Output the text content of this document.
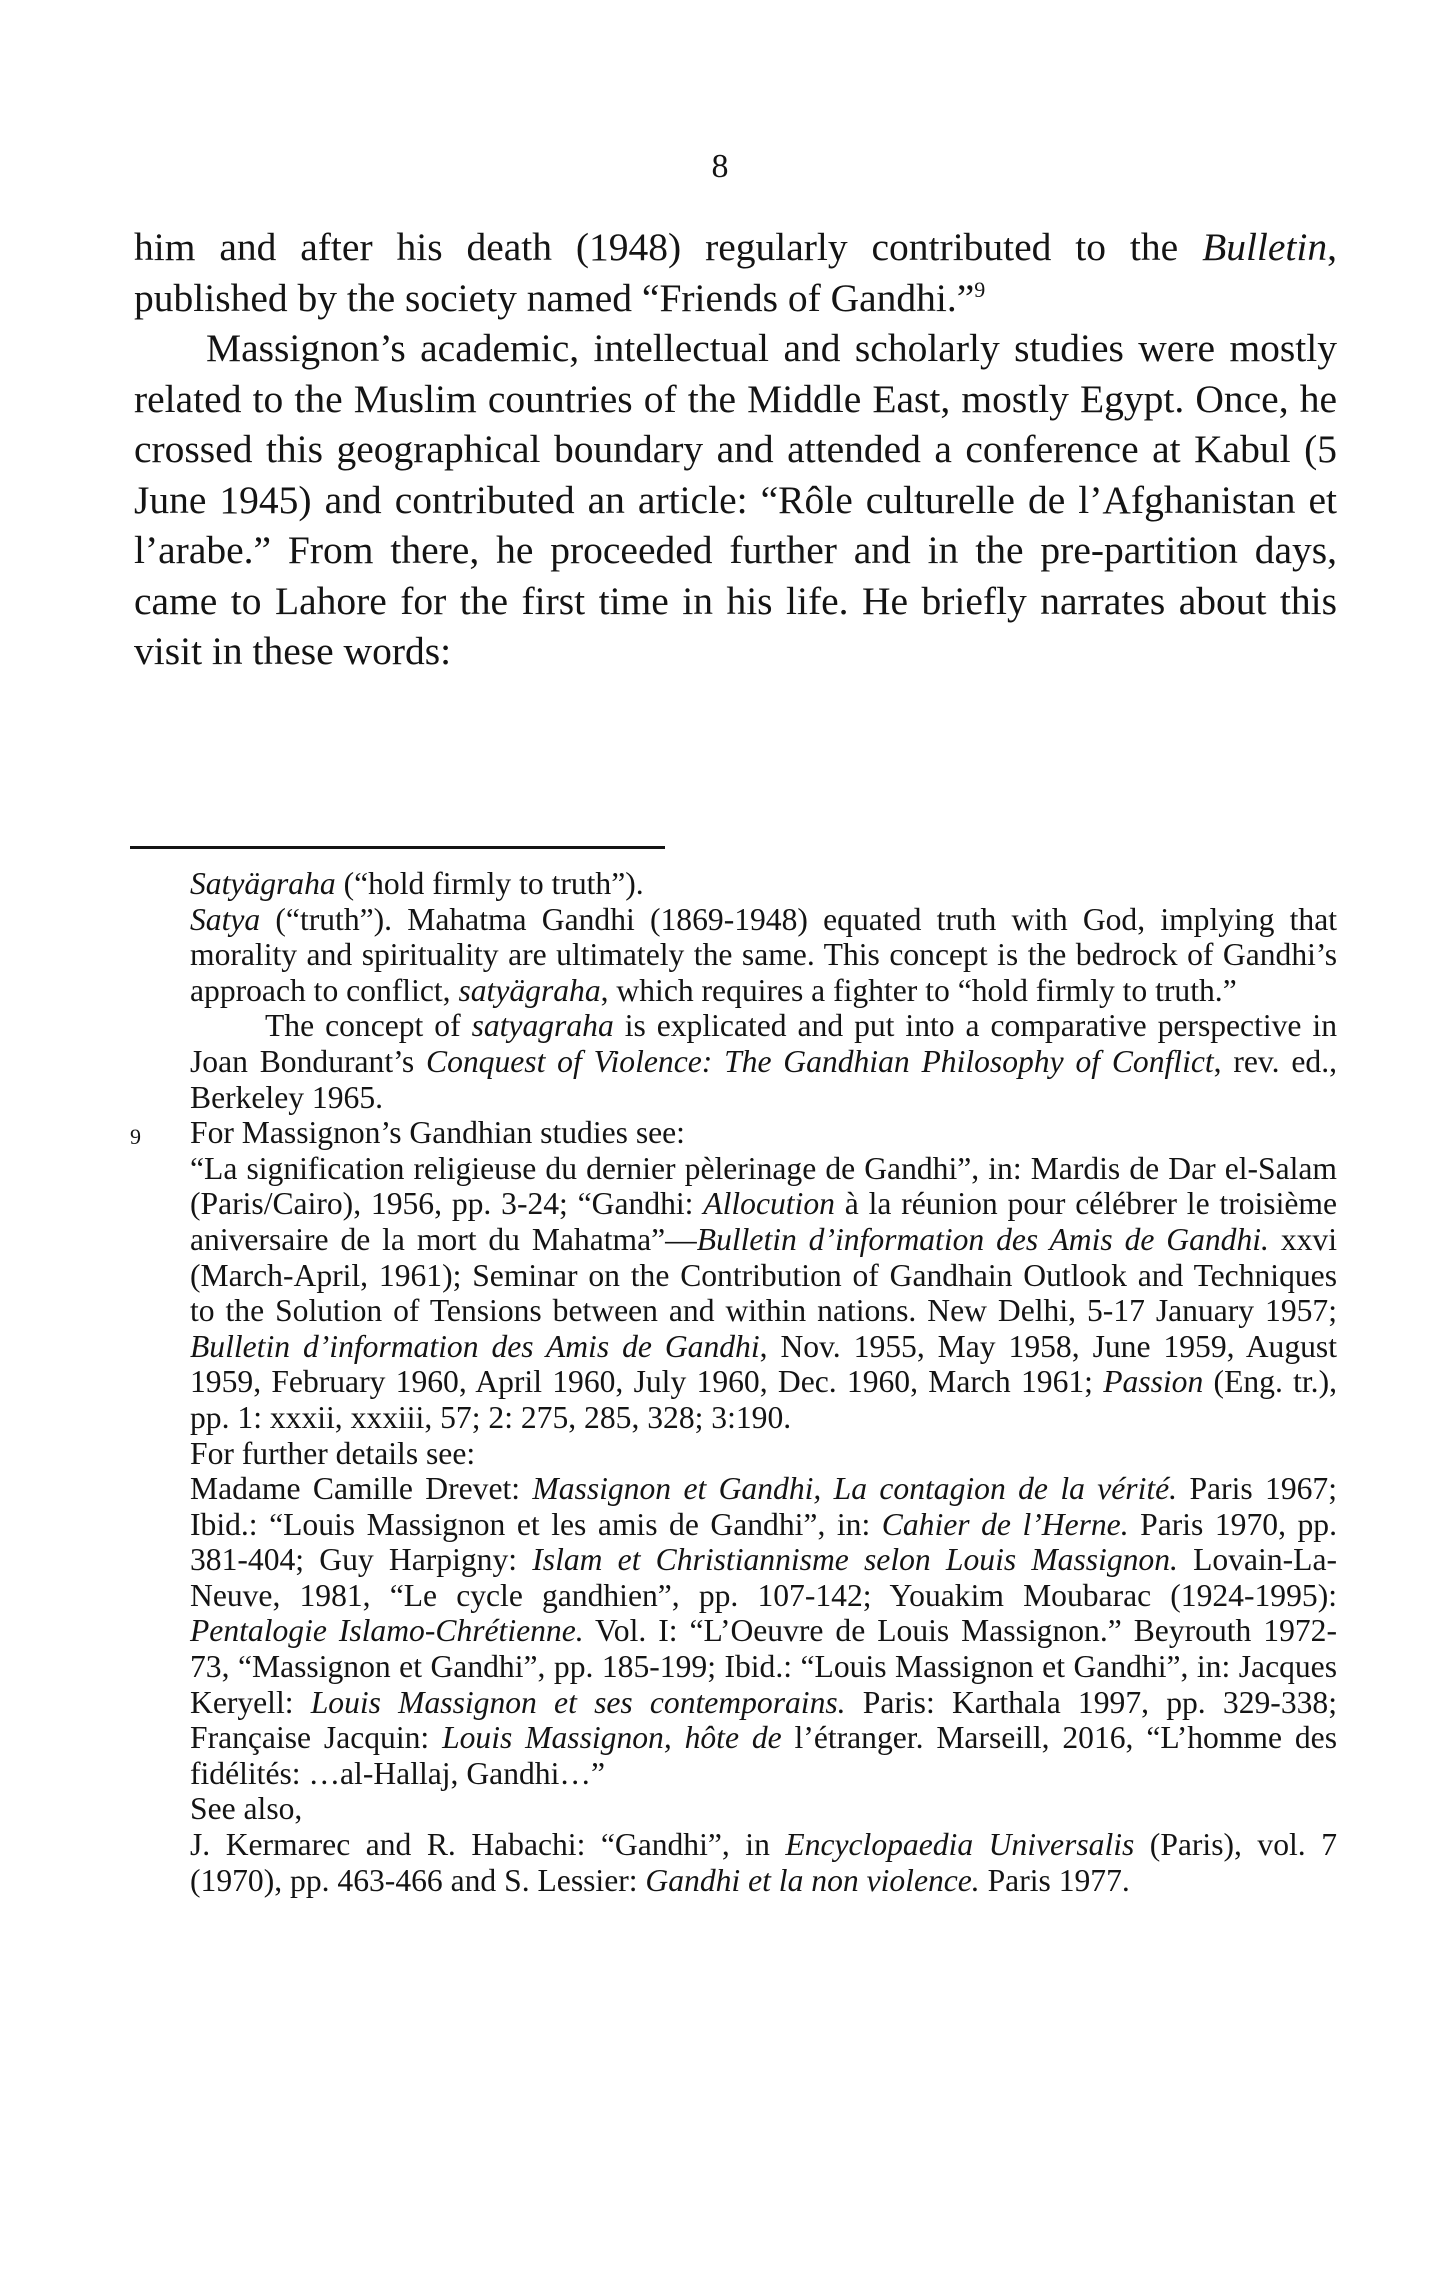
8

him and after his death (1948) regularly contributed to the Bulletin, published by the society named “Friends of Gandhi.”$^9$

Massignon’s academic, intellectual and scholarly studies were mostly related to the Muslim countries of the Middle East, mostly Egypt. Once, he crossed this geographical boundary and attended a conference at Kabul (5 June 1945) and contributed an article: “Rôle culturelle de l’Afghanistan et l’arabe.” From there, he proceeded further and in the pre-partition days, came to Lahore for the first time in his life. He briefly narrates about this visit in these words:

Satyägraha (“hold firmly to truth”).

Satya (“truth”). Mahatma Gandhi (1869-1948) equated truth with God, implying that morality and spirituality are ultimately the same. This concept is the bedrock of Gandhi’s approach to conflict, satyägraha, which requires a fighter to “hold firmly to truth.”

The concept of satyagraha is explicated and put into a comparative perspective in Joan Bondurant’s Conquest of Violence: The Gandhian Philosophy of Conflict, rev. ed., Berkeley 1965.

9 For Massignon’s Gandhian studies see:

“La signification religieuse du dernier pèlerinage de Gandhi”, in: Mardis de Dar el-Salam (Paris/Cairo), 1956, pp. 3-24; “Gandhi: Allocution à la réunion pour célébrer le troisième aniversaire de la mort du Mahatma”—Bulletin d’information des Amis de Gandhi. xxvi (March-April, 1961); Seminar on the Contribution of Gandhain Outlook and Techniques to the Solution of Tensions between and within nations. New Delhi, 5-17 January 1957; Bulletin d’information des Amis de Gandhi, Nov. 1955, May 1958, June 1959, August 1959, February 1960, April 1960, July 1960, Dec. 1960, March 1961; Passion (Eng. tr.), pp. 1: xxxii, xxxiii, 57; 2: 275, 285, 328; 3:190.

For further details see:

Madame Camille Drevet: Massignon et Gandhi, La contagion de la vérité. Paris 1967; Ibid.: “Louis Massignon et les amis de Gandhi”, in: Cahier de l’Herne. Paris 1970, pp. 381-404; Guy Harpigny: Islam et Christiannisme selon Louis Massignon. Lovain-La-Neuve, 1981, “Le cycle gandhien”, pp. 107-142; Youakim Moubarac (1924-1995): Pentalogie Islamo-Chrétienne. Vol. I: “L’Oeuvre de Louis Massignon.” Beyrouth 1972-73, “Massignon et Gandhi”, pp. 185-199; Ibid.: “Louis Massignon et Gandhi”, in: Jacques Keryell: Louis Massignon et ses contemporains. Paris: Karthala 1997, pp. 329-338; Française Jacquin: Louis Massignon, hôte de l’étranger. Marseill, 2016, “L’homme des fidélités: …al-Hallaj, Gandhi…”

See also,

J. Kermarec and R. Habachi: “Gandhi”, in Encyclopaedia Universalis (Paris), vol. 7 (1970), pp. 463-466 and S. Lessier: Gandhi et la non violence. Paris 1977.
